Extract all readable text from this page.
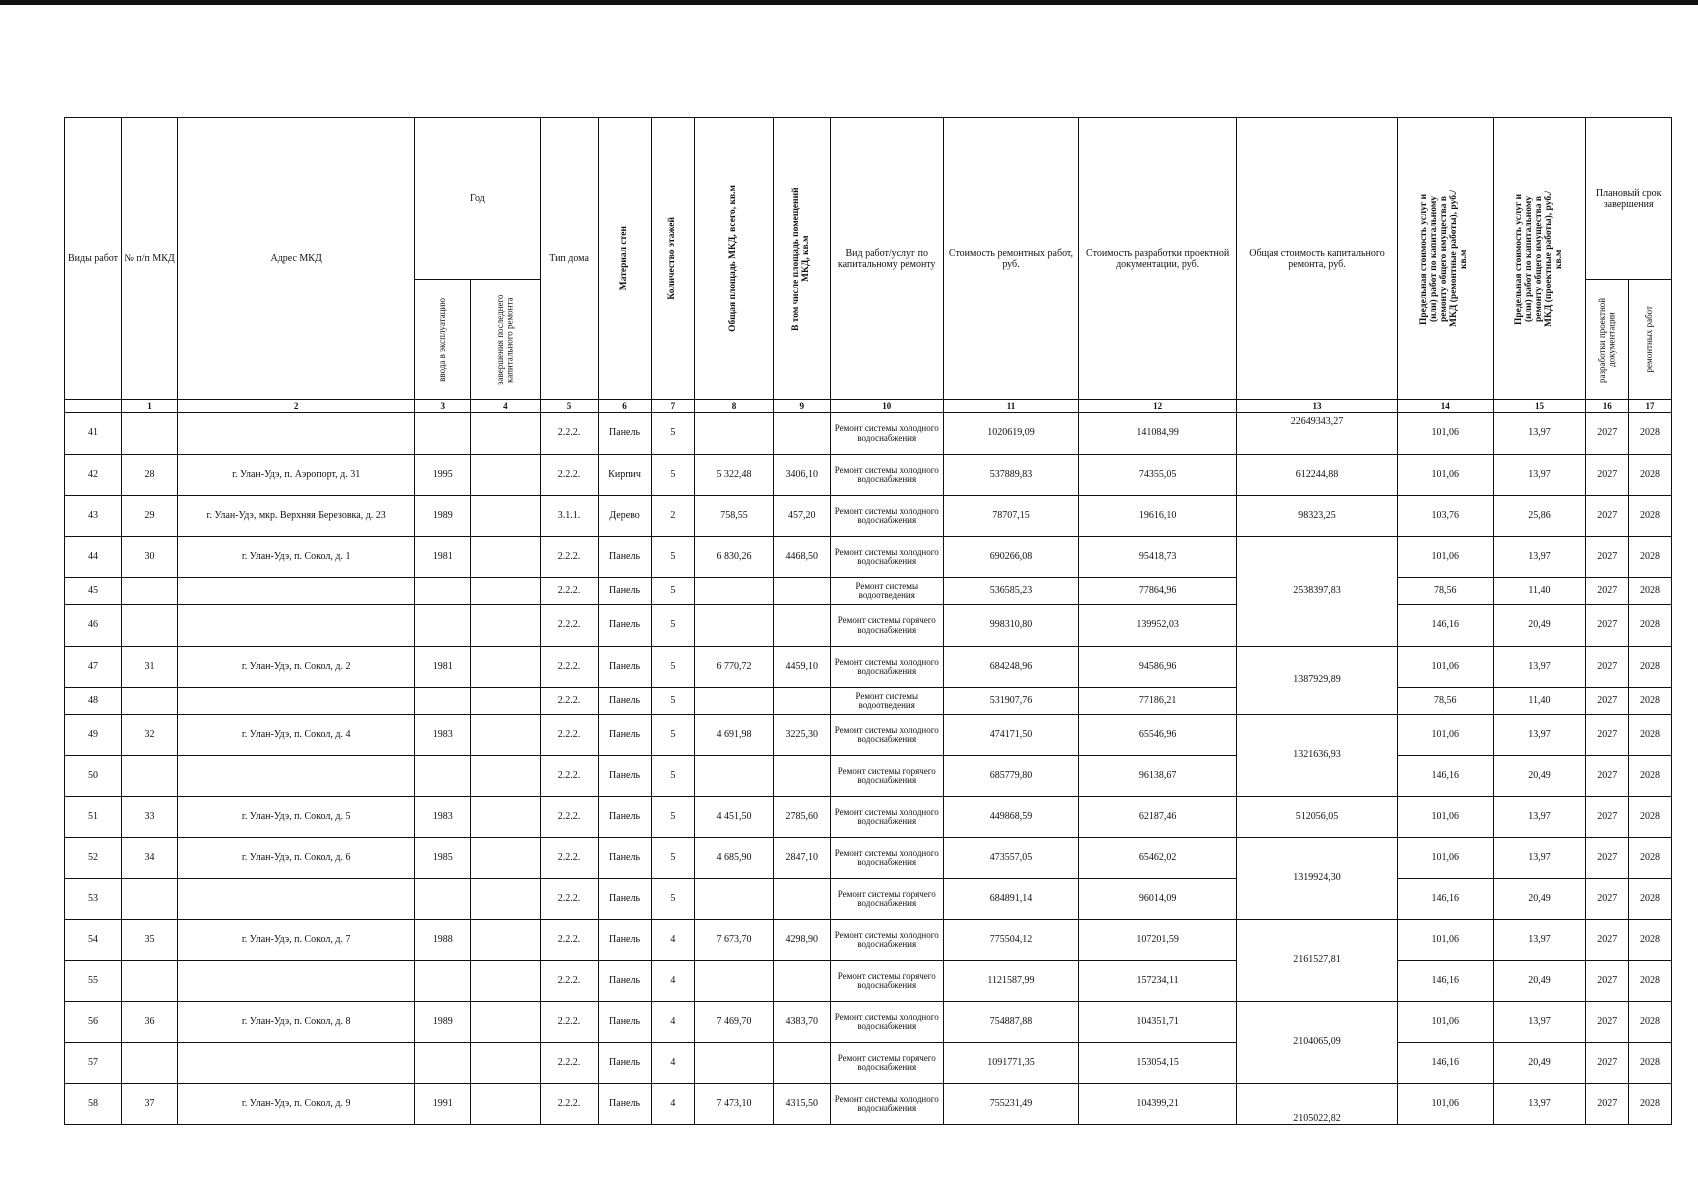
Виды работ	№ п/п МКД	Адрес МКД	Год		Тип дома	Материал стен	Количество этажей	Общая площадь МКД, всего, кв.м	В том числе площадь помещений МКД, кв.м	Вид работ/услуг по капитальному ремонту	Стоимость ремонтных работ, руб.	Стоимость разработки проектной документации, руб.	Общая стоимость капитального ремонта, руб.	Предельная стоимость услуг и (или) работ по капитальному ремонту общего имущества в МКД (ремонтные работы), руб./кв.м	Предельная стоимость услуг и (или) работ по капитальному ремонту общего имущества в МКД (проектные работы), руб./кв.м	Плановый срок завершения	

			ввода в эксплуатацию	завершения последнего капитального ремонта												разработки проектной документации	ремонтных работ

	1	2	3	4	5	6	7	8	9	10	11	12	13	14	15	16	17
41					2.2.2.	Панель	5			Ремонт системы холодного водоснабжения	1020619,09	141084,99	22649343,27	101,06	13,97	2027	2028
42	28	г. Улан-Удэ, п. Аэропорт, д. 31	1995		2.2.2.	Кирпич	5	5 322,48	3406,10	Ремонт системы холодного водоснабжения	537889,83	74355,05	612244,88	101,06	13,97	2027	2028
43	29	г. Улан-Удэ, мкр. Верхняя Березовка, д. 23	1989		3.1.1.	Дерево	2	758,55	457,20	Ремонт системы холодного водоснабжения	78707,15	19616,10	98323,25	103,76	25,86	2027	2028
44	30	г. Улан-Удэ, п. Сокол, д. 1	1981		2.2.2.	Панель	5	6 830,26	4468,50	Ремонт системы холодного водоснабжения	690266,08	95418,73	2538397,83	101,06	13,97	2027	2028
45					2.2.2.	Панель	5			Ремонт системы водоотведения	536585,23	77864,96		78,56	11,40	2027	2028
46					2.2.2.	Панель	5			Ремонт системы горячего водоснабжения	998310,80	139952,03		146,16	20,49	2027	2028
47	31	г. Улан-Удэ, п. Сокол, д. 2	1981		2.2.2.	Панель	5	6 770,72	4459,10	Ремонт системы холодного водоснабжения	684248,96	94586,96	1387929,89	101,06	13,97	2027	2028
48					2.2.2.	Панель	5			Ремонт системы водоотведения	531907,76	77186,21		78,56	11,40	2027	2028
49	32	г. Улан-Удэ, п. Сокол, д. 4	1983		2.2.2.	Панель	5	4 691,98	3225,30	Ремонт системы холодного водоснабжения	474171,50	65546,96	1321636,93	101,06	13,97	2027	2028
50					2.2.2.	Панель	5			Ремонт системы горячего водоснабжения	685779,80	96138,67		146,16	20,49	2027	2028
51	33	г. Улан-Удэ, п. Сокол, д. 5	1983		2.2.2.	Панель	5	4 451,50	2785,60	Ремонт системы холодного водоснабжения	449868,59	62187,46	512056,05	101,06	13,97	2027	2028
52	34	г. Улан-Удэ, п. Сокол, д. 6	1985		2.2.2.	Панель	5	4 685,90	2847,10	Ремонт системы холодного водоснабжения	473557,05	65462,02	1319924,30	101,06	13,97	2027	2028
53					2.2.2.	Панель	5			Ремонт системы горячего водоснабжения	684891,14	96014,09		146,16	20,49	2027	2028
54	35	г. Улан-Удэ, п. Сокол, д. 7	1988		2.2.2.	Панель	4	7 673,70	4298,90	Ремонт системы холодного водоснабжения	775504,12	107201,59	2161527,81	101,06	13,97	2027	2028
55					2.2.2.	Панель	4			Ремонт системы горячего водоснабжения	1121587,99	157234,11		146,16	20,49	2027	2028
56	36	г. Улан-Удэ, п. Сокол, д. 8	1989		2.2.2.	Панель	4	7 469,70	4383,70	Ремонт системы холодного водоснабжения	754887,88	104351,71	2104065,09	101,06	13,97	2027	2028
57					2.2.2.	Панель	4			Ремонт системы горячего водоснабжения	1091771,35	153054,15		146,16	20,49	2027	2028
58	37	г. Улан-Удэ, п. Сокол, д. 9	1991		2.2.2.	Панель	4	7 473,10	4315,50	Ремонт системы холодного водоснабжения	755231,49	104399,21	2105022,82	101,06	13,97	2027	2028
